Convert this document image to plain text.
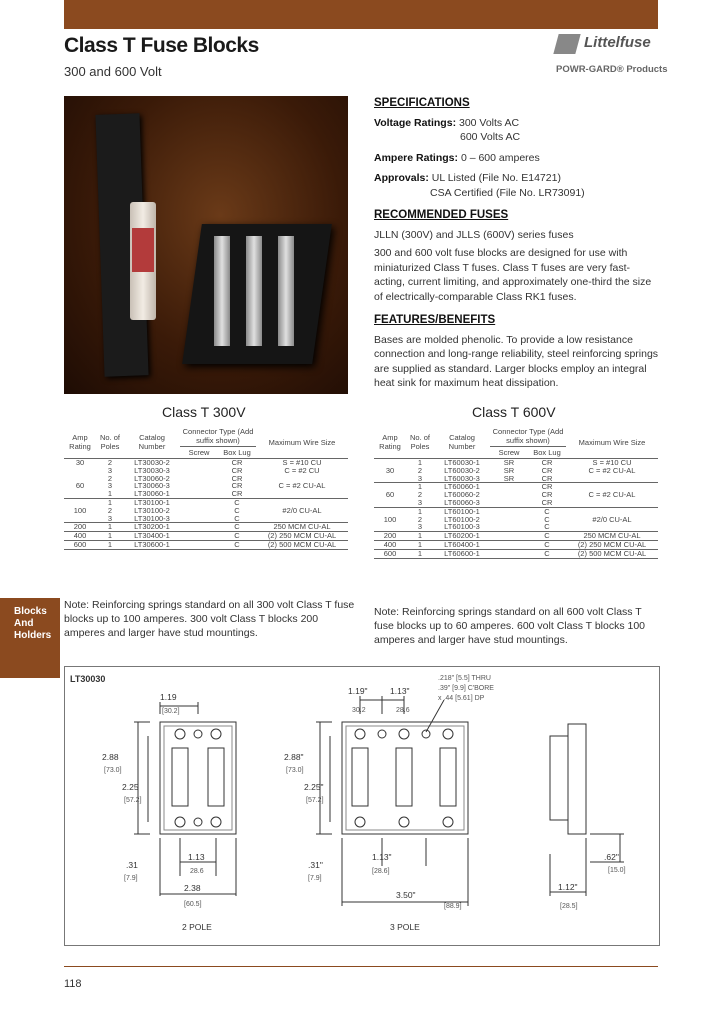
Class T Fuse Blocks
300 and 600 Volt
Littelfuse
POWR-GARD® Products
SPECIFICATIONS
Voltage Ratings: 300 Volts AC
600 Volts AC
Ampere Ratings: 0 – 600 amperes
Approvals: UL Listed (File No. E14721)
CSA Certified (File No. LR73091)
RECOMMENDED FUSES
JLLN (300V) and JLLS (600V) series fuses
300 and 600 volt fuse blocks are designed for use with miniaturized Class T fuses. Class T fuses are very fast-acting, current limiting, and approximately one-third the size of electrically-comparable Class RK1 fuses.
FEATURES/BENEFITS
Bases are molded phenolic. To provide a low resistance connection and long-range reliability, steel reinforcing springs are supplied as standard. Larger blocks employ an integral heat sink for maximum heat dissipation.
Class T 300V
Amp Rating	No. of Poles	Catalog Number	Connector Type (Add suffix shown)		Maximum Wire Size
			Screw	Box Lug	
30	2	LT30030-2		CR	S = #10 CU
	3	LT30030-3		CR	C = #2 CU
	2	LT30060-2		CR	
60	3	LT30060-3		CR	C = #2 CU-AL
	1	LT30060-1		CR	
	1	LT30100-1		C	
100	2	LT30100-2		C	#2/0 CU-AL
	3	LT30100-3		C	
200	1	LT30200-1		C	250 MCM CU-AL
400	1	LT30400-1		C	(2) 250 MCM CU-AL
600	1	LT30600-1		C	(2) 500 MCM CU-AL
Note: Reinforcing springs standard on all 300 volt Class T fuse blocks up to 100 amperes. 300 volt Class T blocks 200 amperes and larger have stud mountings.
Class T 600V
Amp Rating	No. of Poles	Catalog Number	Connector Type (Add suffix shown)		Maximum Wire Size
			Screw	Box Lug	
	1	LT60030-1	SR	CR	S = #10 CU
30	2	LT60030-2	SR	CR	C = #2 CU-AL
	3	LT60030-3	SR	CR	
	1	LT60060-1		CR	
60	2	LT60060-2		CR	C = #2 CU-AL
	3	LT60060-3		CR	
	1	LT60100-1		C	
100	2	LT60100-2		C	#2/0 CU-AL
	3	LT60100-3		C	
200	1	LT60200-1		C	250 MCM CU-AL
400	1	LT60400-1		C	(2) 250 MCM CU-AL
600	1	LT60600-1		C	(2) 500 MCM CU-AL
Note: Reinforcing springs standard on all 600 volt Class T fuse blocks up to 60 amperes. 600 volt Class T blocks 100 amperes and larger have stud mountings.
Blocks
And
Holders
LT30030
1.19
[30.2]
2.88
[73.0]
2.25
[57.2]
.31
[7.9]
1.13
28.6
2.38
[60.5]
1.19"	1.13"
30.2	28.6
.218" [5.5] THRU
.39" [9.9] C'BORE
x .44 [5.61] DP
2.88"
[73.0]
2.25"
[57.2]
.31"
[7.9]
1.13"
[28.6]
3.50"
[88.9]
.62"
[15.0]
1.12"
[28.5]
2 POLE	3 POLE
118
